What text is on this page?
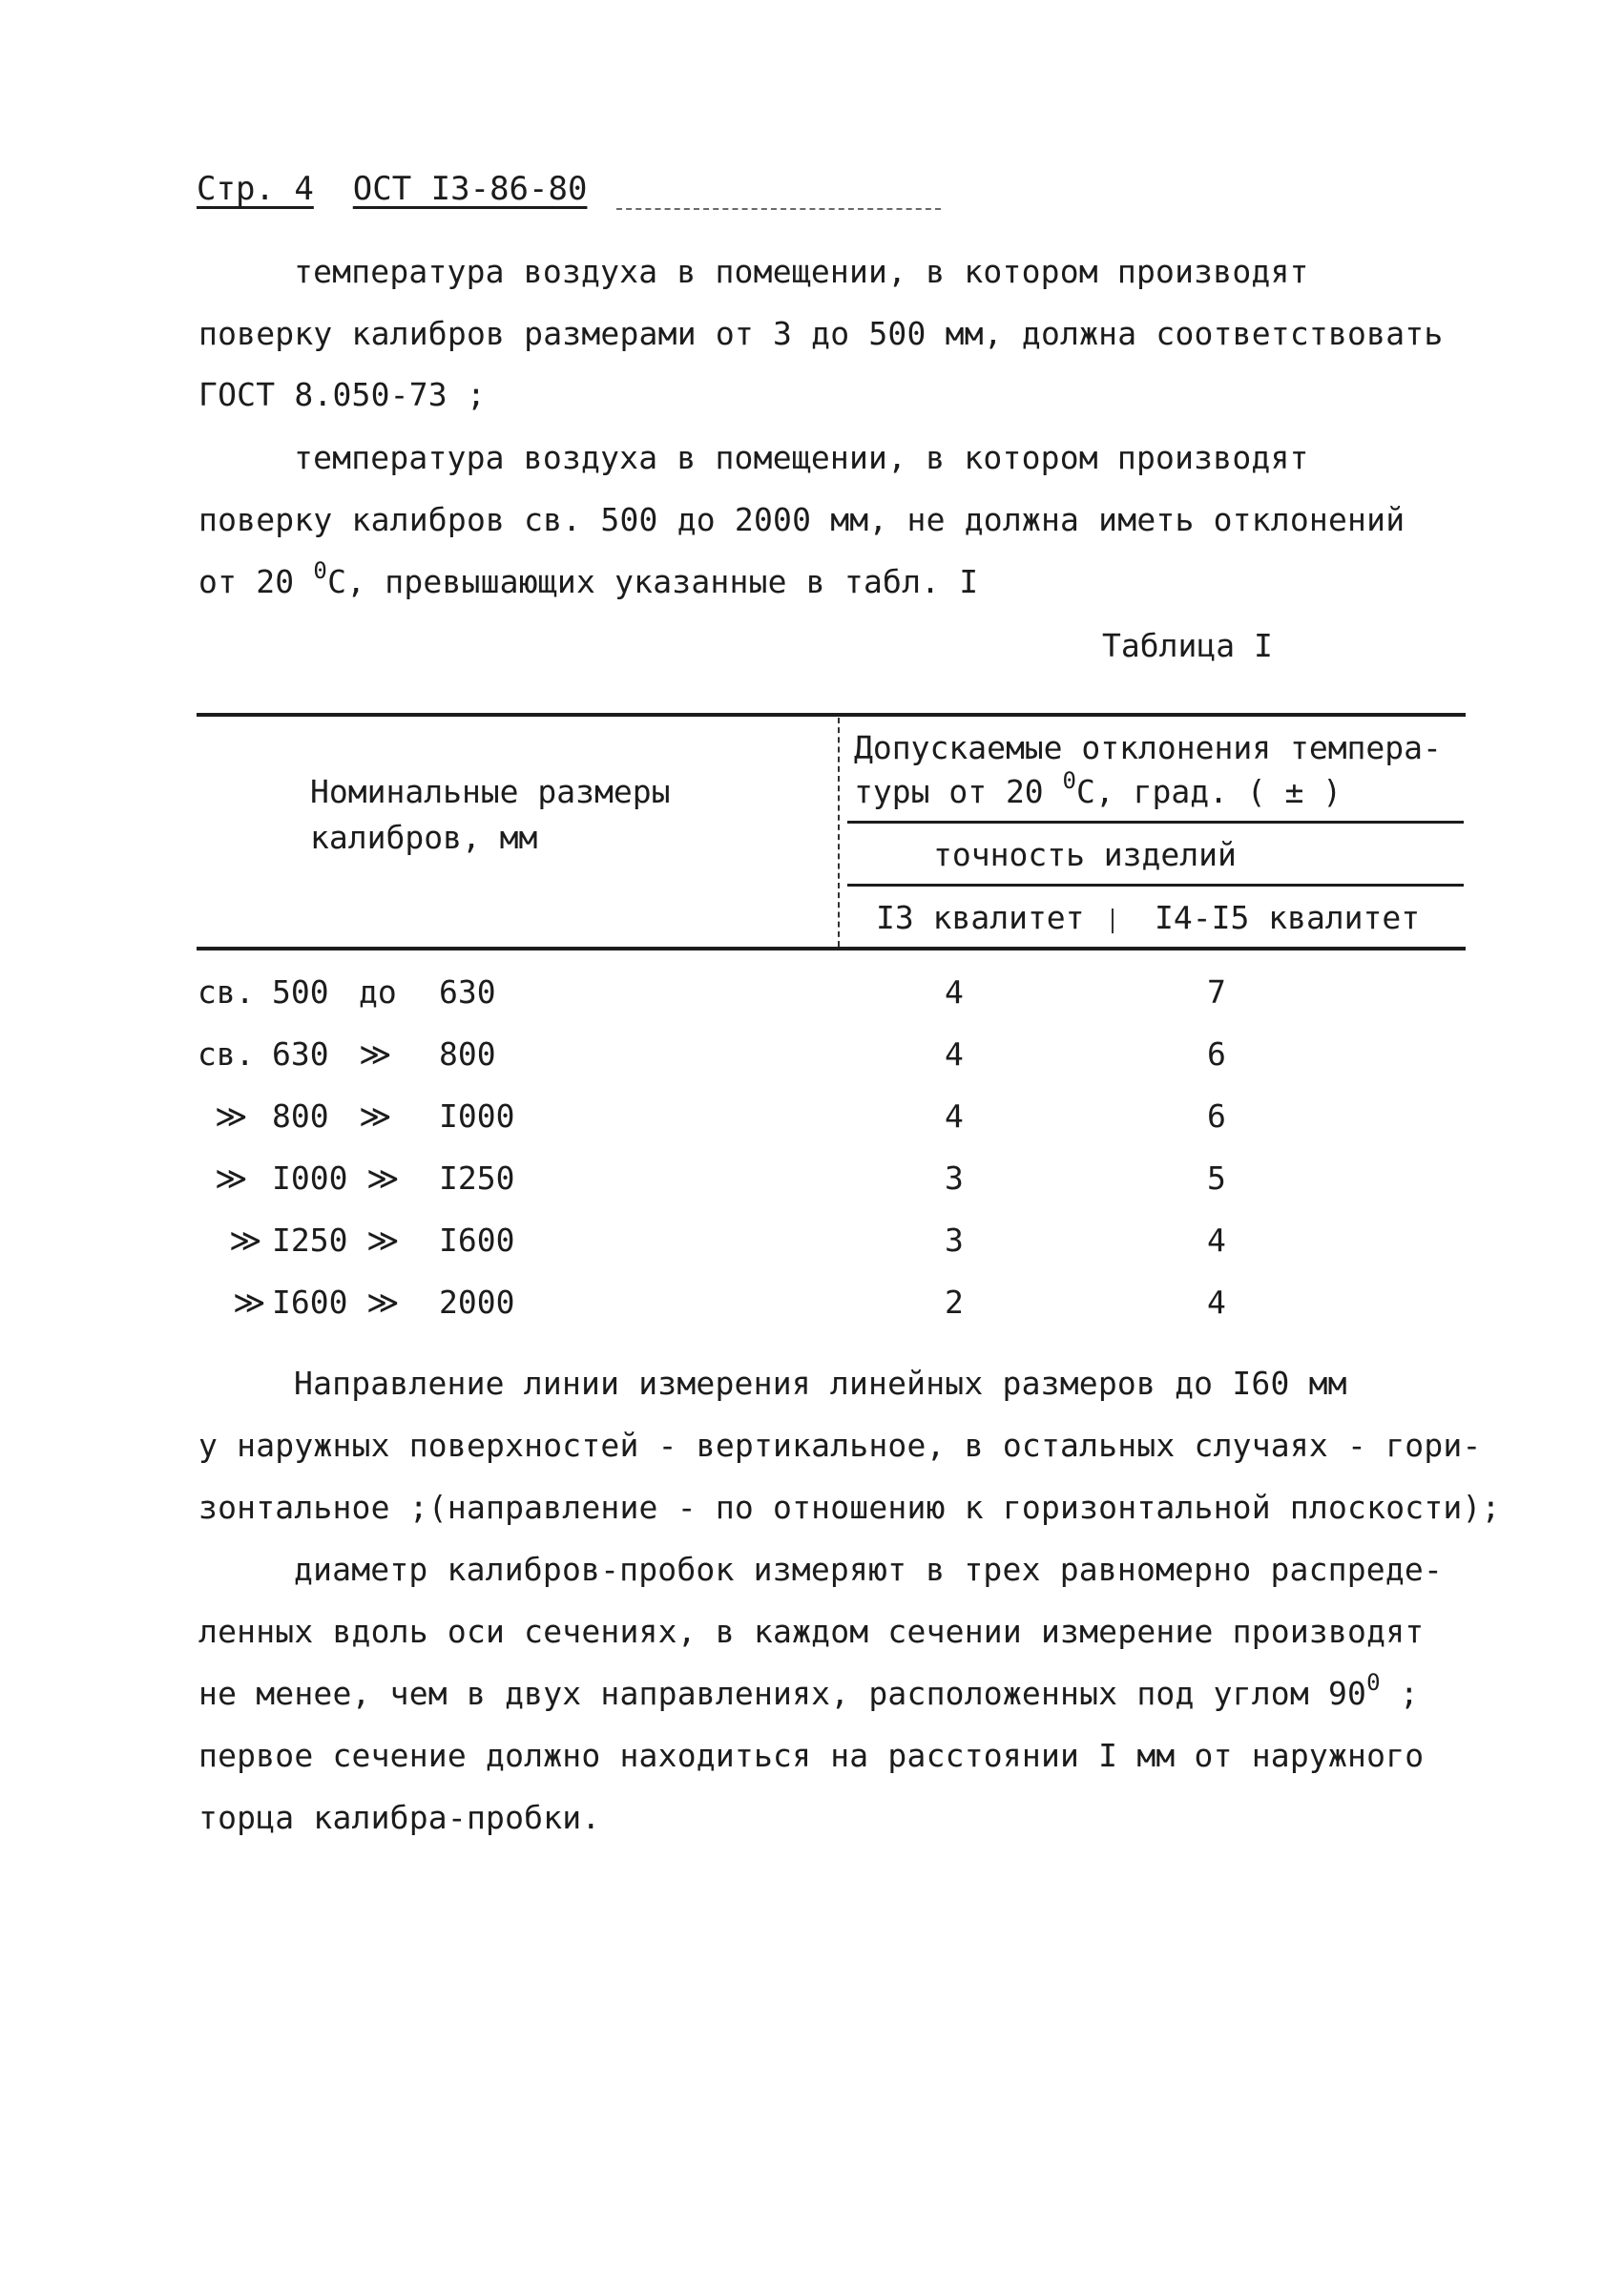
Стр. 4 ОСТ I3-86-80

температура воздуха в помещении, в котором производят

поверку калибров размерами от 3 до 500 мм, должна соответствовать

ГОСТ 8.050-73 ;

температура воздуха в помещении, в котором производят

поверку калибров св. 500 до 2000 мм, не должна иметь отклонений

от 20 $^0$С, превышающих указанные в табл. I

Таблица I
Номинальные размеры
калибров, мм
Допускаемые отклонения темпера-
туры от 20 $^0$С, град. ( ± )
точность изделий
I3 квалитет I4-I5 квалитет
св. 500 до 630	4	7
св. 630 ≫ 800	4	6
≫ 800 ≫ I000	4	6
≫ I000 ≫ I250	3	5
≫ I250 ≫ I600	3	4
≫ I600 ≫ 2000	2	4

Направление линии измерения линейных размеров до I60 мм

у наружных поверхностей - вертикальное, в остальных случаях - гори-

зонтальное ;(направление - по отношению к горизонтальной плоскости);

диаметр калибров-пробок измеряют в трех равномерно распреде-

ленных вдоль оси сечениях, в каждом сечении измерение производят

не менее, чем в двух направлениях, расположенных под углом $90^0$ ;

первое сечение должно находиться на расстоянии I мм от наружного

торца калибра-пробки.
